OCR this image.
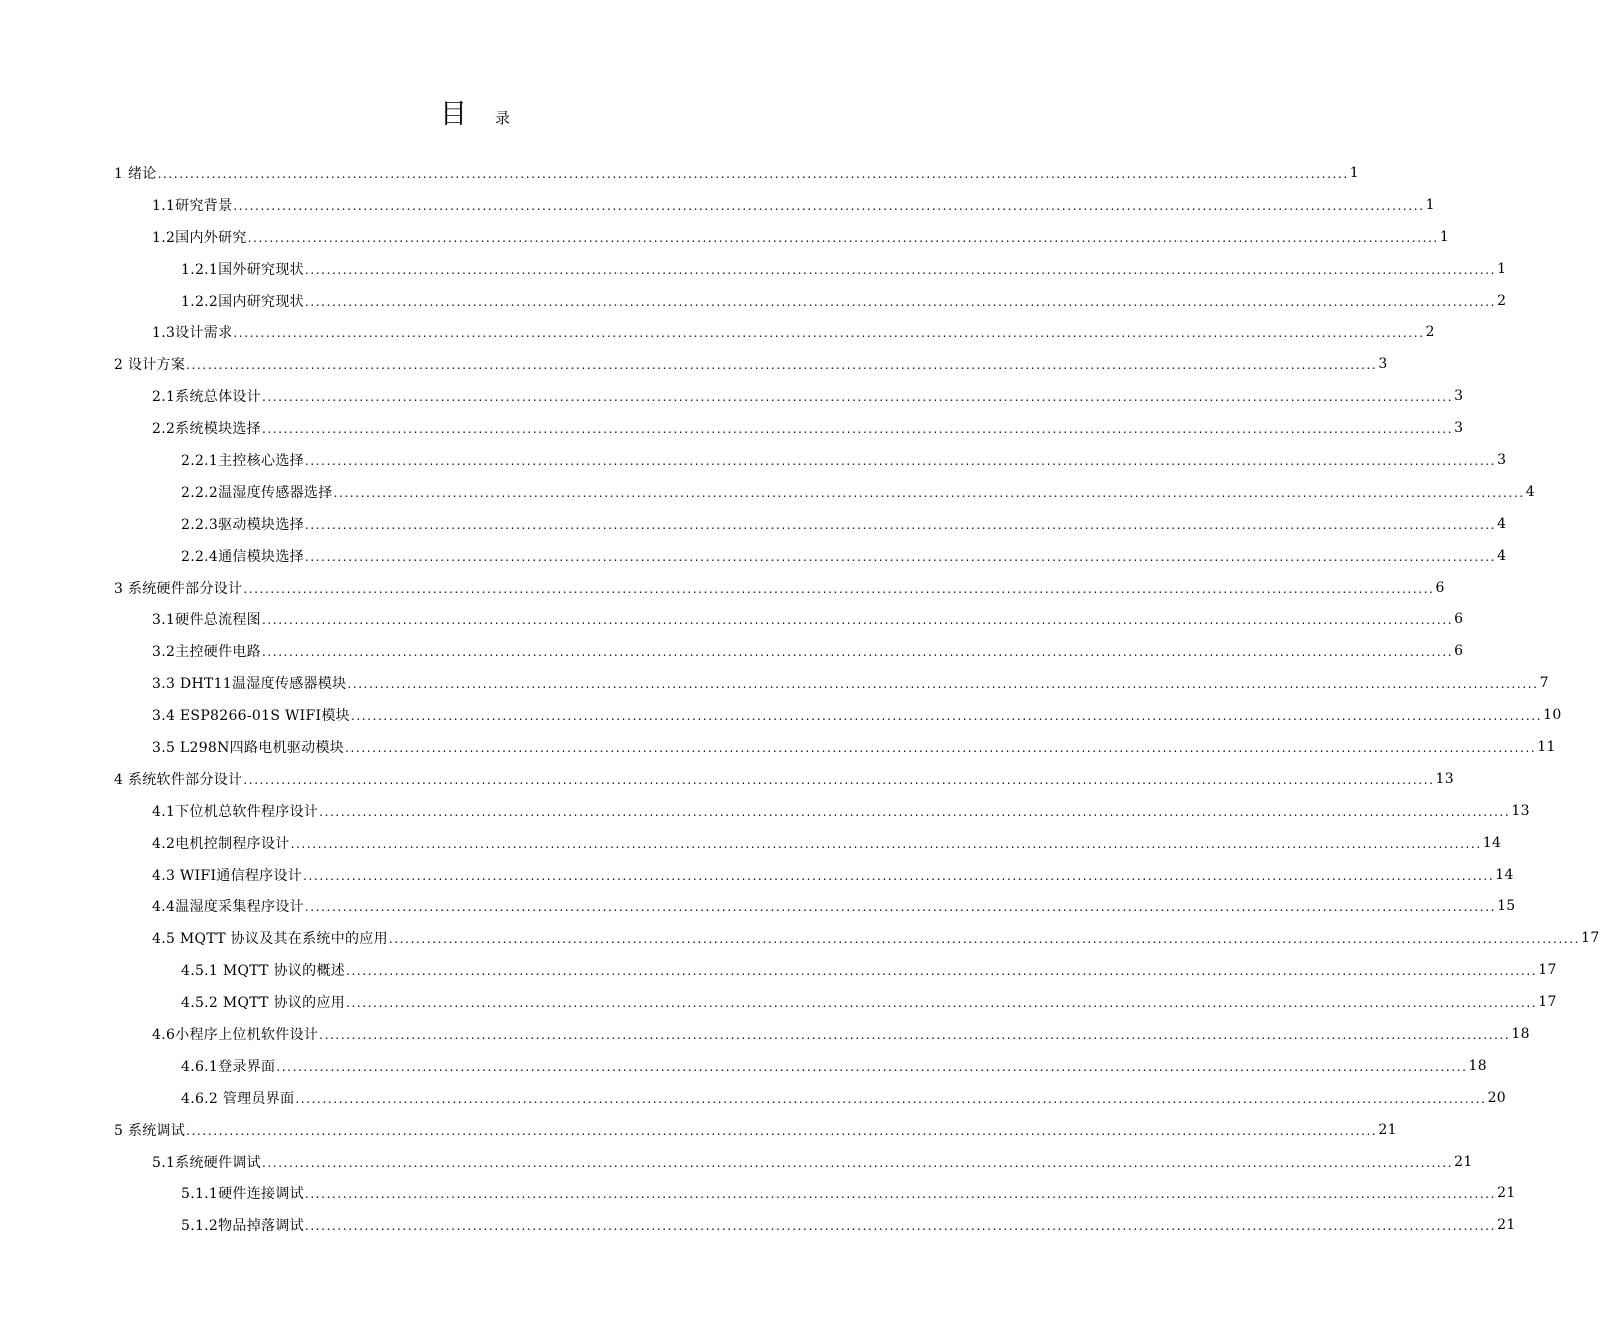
目 录
1 绪论 ............................................................................................................................................................................................................................ 1
1.1研究背景 ............................................................................................................................................................................................................................ 1
1.2国内外研究 ............................................................................................................................................................................................................................ 1
1.2.1国外研究现状 ............................................................................................................................................................................................................................ 1
1.2.2国内研究现状 ............................................................................................................................................................................................................................ 2
1.3设计需求 ............................................................................................................................................................................................................................ 2
2 设计方案 ............................................................................................................................................................................................................................ 3
2.1系统总体设计 ............................................................................................................................................................................................................................ 3
2.2系统模块选择 ............................................................................................................................................................................................................................ 3
2.2.1主控核心选择 ............................................................................................................................................................................................................................ 3
2.2.2温湿度传感器选择 ............................................................................................................................................................................................................................ 4
2.2.3驱动模块选择 ............................................................................................................................................................................................................................ 4
2.2.4通信模块选择 ............................................................................................................................................................................................................................ 4
3 系统硬件部分设计 ............................................................................................................................................................................................................................ 6
3.1硬件总流程图 ............................................................................................................................................................................................................................ 6
3.2主控硬件电路 ............................................................................................................................................................................................................................ 6
3.3 DHT11温湿度传感器模块 ............................................................................................................................................................................................................................ 7
3.4 ESP8266-01S WIFI模块 ............................................................................................................................................................................................................................ 10
3.5 L298N四路电机驱动模块 ............................................................................................................................................................................................................................ 11
4 系统软件部分设计 ............................................................................................................................................................................................................................ 13
4.1下位机总软件程序设计 ............................................................................................................................................................................................................................ 13
4.2电机控制程序设计 ............................................................................................................................................................................................................................ 14
4.3 WIFI通信程序设计 ............................................................................................................................................................................................................................ 14
4.4温湿度采集程序设计 ............................................................................................................................................................................................................................ 15
4.5 MQTT 协议及其在系统中的应用 ............................................................................................................................................................................................................................ 17
4.5.1 MQTT 协议的概述 ............................................................................................................................................................................................................................ 17
4.5.2 MQTT 协议的应用 ............................................................................................................................................................................................................................ 17
4.6小程序上位机软件设计 ............................................................................................................................................................................................................................ 18
4.6.1登录界面 ............................................................................................................................................................................................................................ 18
4.6.2 管理员界面 ............................................................................................................................................................................................................................ 20
5 系统调试 ............................................................................................................................................................................................................................ 21
5.1系统硬件调试 ............................................................................................................................................................................................................................ 21
5.1.1硬件连接调试 ............................................................................................................................................................................................................................ 21
5.1.2物品掉落调试 ............................................................................................................................................................................................................................ 21
